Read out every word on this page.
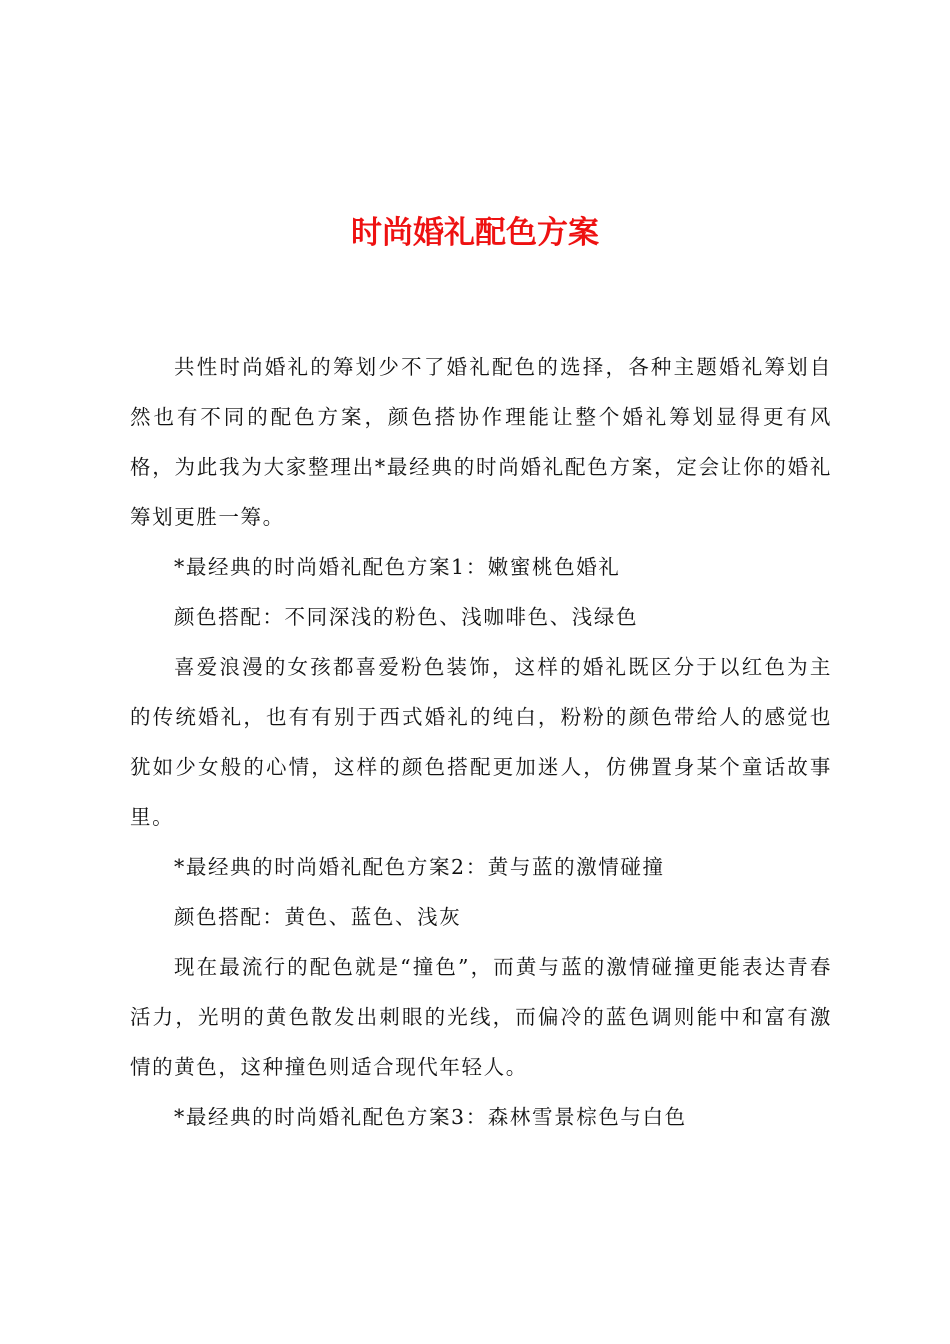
时尚婚礼配色方案

共性时尚婚礼的筹划少不了婚礼配色的选择，各种主题婚礼筹划自然也有不同的配色方案，颜色搭协作理能让整个婚礼筹划显得更有风格，为此我为大家整理出*最经典的时尚婚礼配色方案，定会让你的婚礼筹划更胜一筹。

*最经典的时尚婚礼配色方案1：嫩蜜桃色婚礼

颜色搭配：不同深浅的粉色、浅咖啡色、浅绿色

喜爱浪漫的女孩都喜爱粉色装饰，这样的婚礼既区分于以红色为主的传统婚礼，也有有别于西式婚礼的纯白，粉粉的颜色带给人的感觉也犹如少女般的心情，这样的颜色搭配更加迷人，仿佛置身某个童话故事里。

*最经典的时尚婚礼配色方案2：黄与蓝的激情碰撞

颜色搭配：黄色、蓝色、浅灰

现在最流行的配色就是“撞色”，而黄与蓝的激情碰撞更能表达青春活力，光明的黄色散发出刺眼的光线，而偏冷的蓝色调则能中和富有激情的黄色，这种撞色则适合现代年轻人。

*最经典的时尚婚礼配色方案3：森林雪景棕色与白色
